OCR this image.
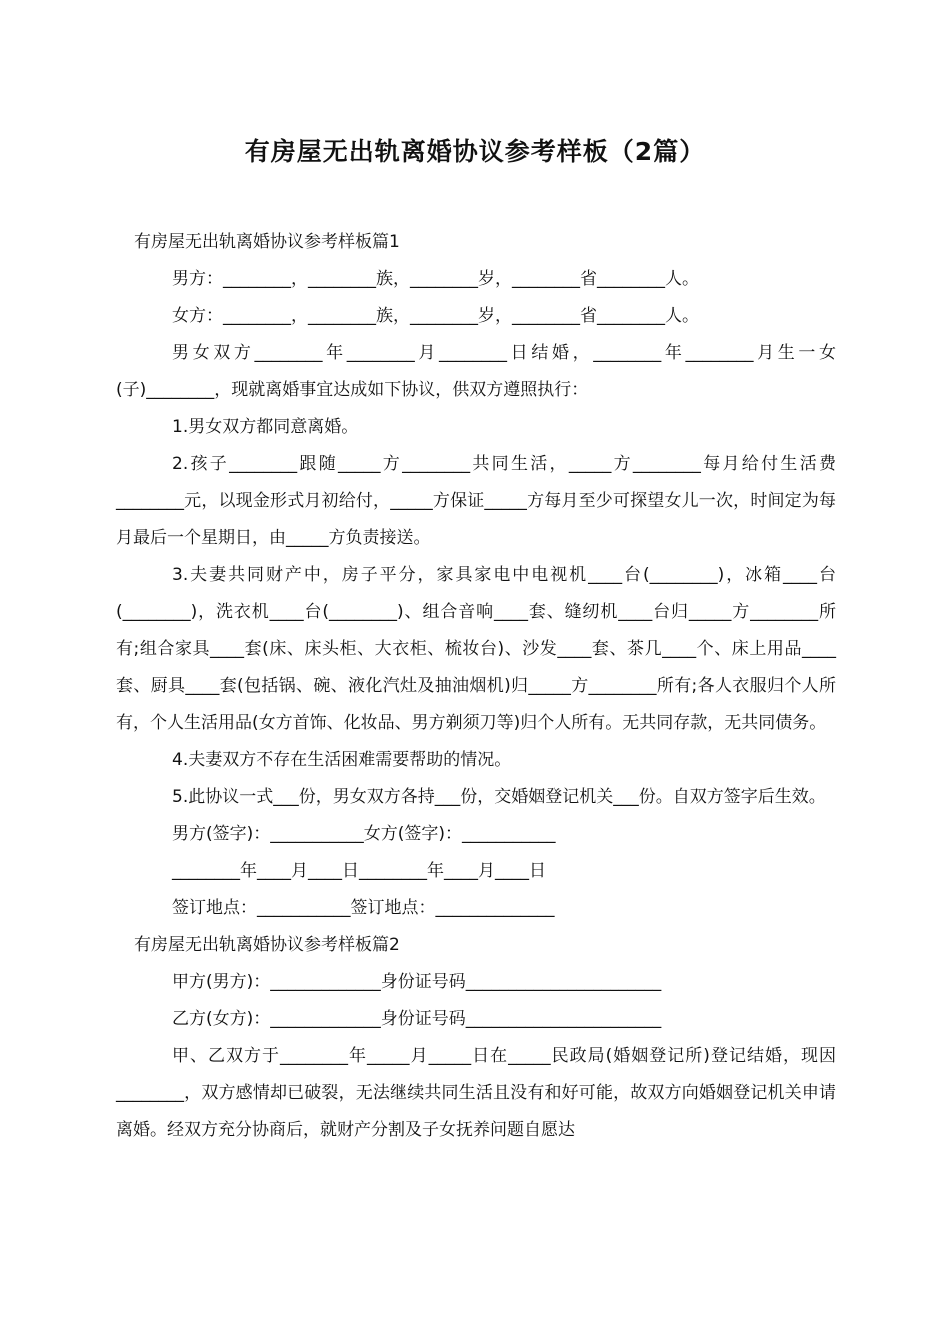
有房屋无出轨离婚协议参考样板（2篇）

有房屋无出轨离婚协议参考样板篇1

男方：________，________族，________岁，________省________人。

女方：________，________族，________岁，________省________人。

男女双方________年________月________日结婚，________年________月生一女(子)________，现就离婚事宜达成如下协议，供双方遵照执行：

1.男女双方都同意离婚。

2.孩子________跟随_____方________共同生活，_____方________每月给付生活费________元，以现金形式月初给付，_____方保证_____方每月至少可探望女儿一次，时间定为每月最后一个星期日，由_____方负责接送。

3.夫妻共同财产中，房子平分，家具家电中电视机____台(________)，冰箱____台(________)，洗衣机____台(________)、组合音响____套、缝纫机____台归_____方________所有;组合家具____套(床、床头柜、大衣柜、梳妆台)、沙发____套、茶几____个、床上用品____套、厨具____套(包括锅、碗、液化汽灶及抽油烟机)归_____方________所有;各人衣服归个人所有，个人生活用品(女方首饰、化妆品、男方剃须刀等)归个人所有。无共同存款，无共同债务。

4.夫妻双方不存在生活困难需要帮助的情况。

5.此协议一式___份，男女双方各持___份，交婚姻登记机关___份。自双方签字后生效。

男方(签字)：___________女方(签字)：___________

________年____月____日________年____月____日

签订地点：___________签订地点：______________

有房屋无出轨离婚协议参考样板篇2

甲方(男方)：_____________身份证号码_______________________

乙方(女方)：_____________身份证号码_______________________

甲、乙双方于________年_____月_____日在_____民政局(婚姻登记所)登记结婚，现因________，双方感情却已破裂，无法继续共同生活且没有和好可能，故双方向婚姻登记机关申请离婚。经双方充分协商后，就财产分割及子女抚养问题自愿达
